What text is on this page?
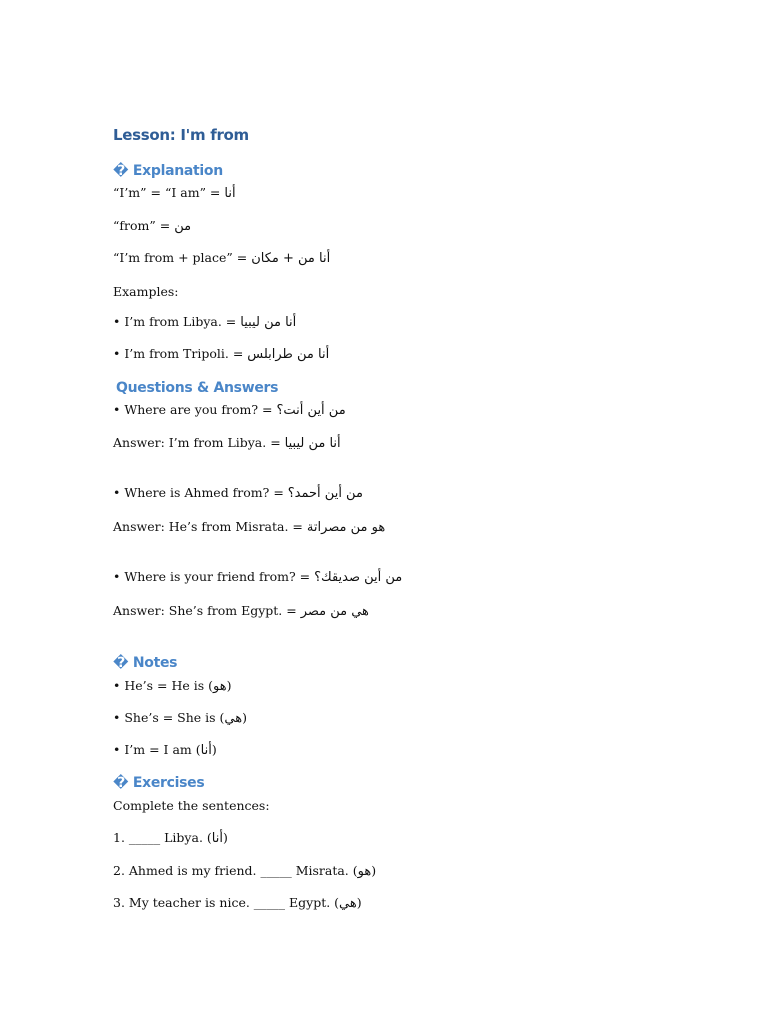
Lesson: I'm from
� Explanation
“I’m” = “I am” = أنا
“from” = من
“I’m from + place” = أنا من + مكان
Examples:
• I’m from Libya. = أنا من ليبيا
• I’m from Tripoli. = أنا من طرابلس
Questions & Answers
• Where are you from? = من أين أنت؟
Answer: I’m from Libya. = أنا من ليبيا
• Where is Ahmed from? = من أين أحمد؟
Answer: He’s from Misrata. = هو من مصراتة
• Where is your friend from? = من أين صديقك؟
Answer: She’s from Egypt. = هي من مصر
� Notes
• He’s = He is (هو)
• She’s = She is (هي)
• I’m = I am (أنا)
� Exercises
Complete the sentences:
1. _____ Libya. (أنا)
2. Ahmed is my friend. _____ Misrata. (هو)
3. My teacher is nice. _____ Egypt. (هي)
